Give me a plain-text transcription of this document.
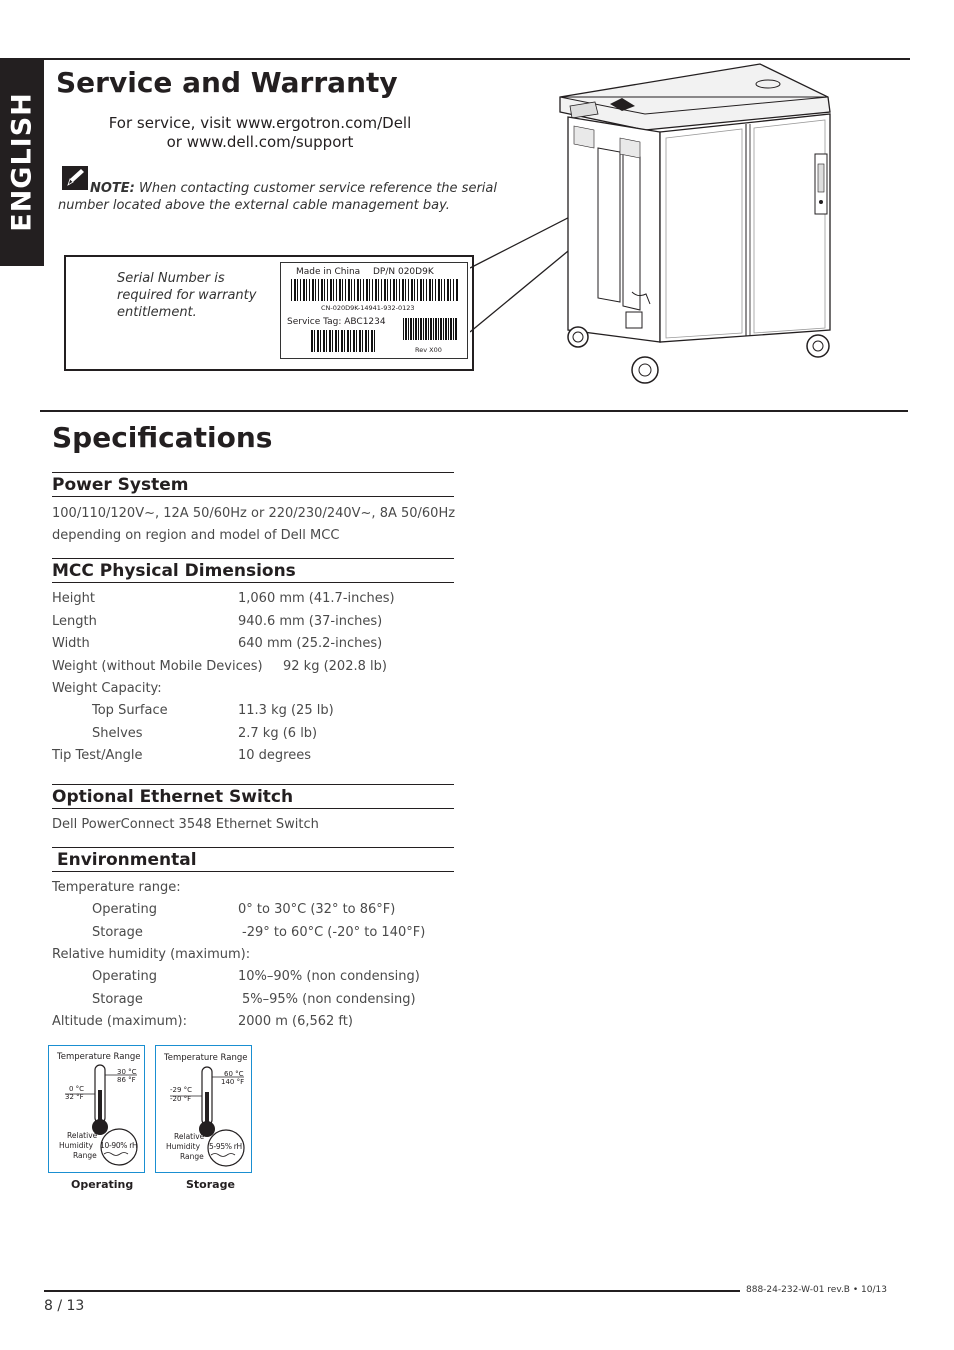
ENGLISH
Service and Warranty
For service, visit www.ergotron.com/Dell
or www.dell.com/support
NOTE: When contacting customer service reference the serial
number located above the external cable management bay.
Serial Number is
required for warranty
entitlement.
Made in China DP/N 020D9K
CN-020D9K-14941-932-0123
Service Tag: ABC1234
Rev X00
Specifications
Power System
100/110/120V~, 12A 50/60Hz or 220/230/240V~, 8A 50/60Hz
depending on region and model of Dell MCC
MCC Physical Dimensions
Height	1,060 mm (41.7-inches)
Length	940.6 mm (37-inches)
Width	640 mm (25.2-inches)
Weight (without Mobile Devices) 92 kg (202.8 lb)
Weight Capacity:
Top Surface	11.3 kg (25 lb)
Shelves	2.7 kg (6 lb)
Tip Test/Angle	10 degrees
Optional Ethernet Switch
Dell PowerConnect 3548 Ethernet Switch
Environmental
Temperature range:
Operating	0° to 30°C (32° to 86°F)
Storage	-29° to 60°C (-20° to 140°F)
Relative humidity (maximum):
Operating	10%–90% (non condensing)
Storage	5%–95% (non condensing)
Altitude (maximum):	2000 m (6,562 ft)
Temperature Range
30 °C
86 °F
0 °C
32 °F
Relative
Humidity
Range
10-90% rH
Operating
Temperature Range
60 °C
140 °F
-29 °C
-20 °F
Relative
Humidity
Range
5-95% rH
Storage
888-24-232-W-01 rev.B • 10/13
8 / 13
